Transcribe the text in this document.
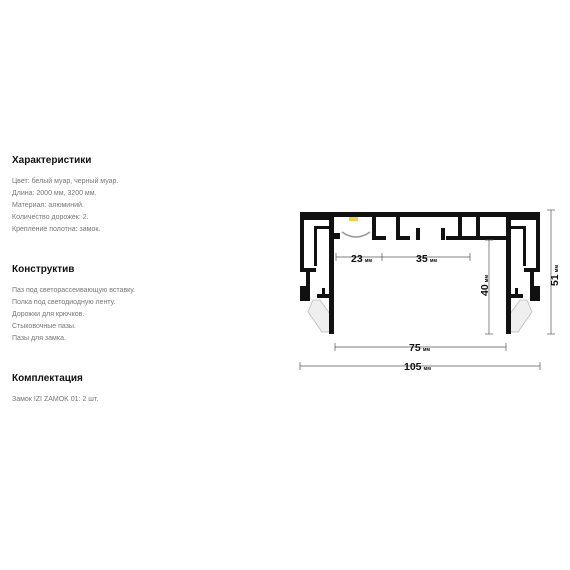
Характеристики
Цвет: белый муар, черный муар.
Длина: 2000 мм, 3200 мм.
Материал: алюминий.
Количество дорожек: 2.
Крепление полотна: замок.
Конструктив
Паз под светорассеивающую вставку.
Полка под светодиодную ленту.
Дорожки для крючков.
Стыковочные пазы.
Пазы для замка.
Комплектация
Замок IZI ZAMOK 01: 2 шт.
23 мм	35 мм
75 мм
105 мм
40мм	51мм
